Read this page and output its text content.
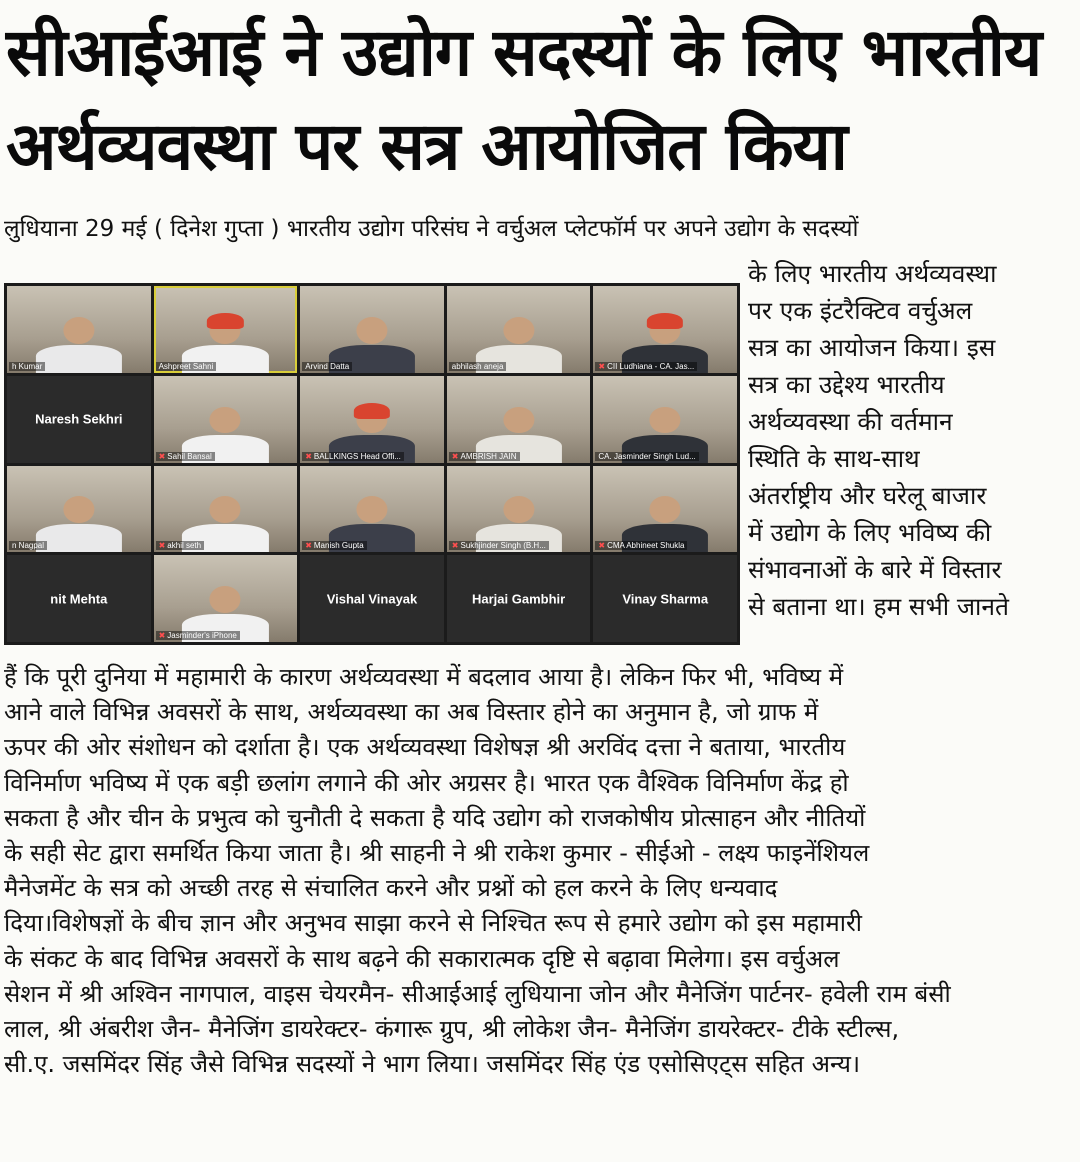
सीआईआई ने उद्योग सदस्यों के लिए भारतीय
अर्थव्यवस्था पर सत्र आयोजित किया
लुधियाना 29 मई ( दिनेश गुप्ता ) भारतीय उद्योग परिसंघ ने वर्चुअल प्लेटफॉर्म पर अपने उद्योग के सदस्यों
h Kumar	Ashpreet Sahni	Arvind Datta	abhilash aneja	✖ CII Ludhiana - CA. Jas...
Naresh Sekhri
✖ Sahil Bansal	✖ BALLKINGS Head Offi...	✖ AMBRISH JAIN	CA. Jasminder Singh Lud...
n Nagpal	✖ akhil seth	✖ Manish Gupta	✖ Sukhjinder Singh (B.H...	✖ CMA Abhineet Shukla
nit Mehta
✖ Jasminder's iPhone
Vishal Vinayak	Harjai Gambhir	Vinay Sharma
के लिए भारतीय अर्थव्यवस्था
पर एक इंटरैक्टिव वर्चुअल
सत्र का आयोजन किया। इस
सत्र का उद्देश्य भारतीय
अर्थव्यवस्था की वर्तमान
स्थिति के साथ-साथ
अंतर्राष्ट्रीय और घरेलू बाजार
में उद्योग के लिए भविष्य की
संभावनाओं के बारे में विस्तार
से बताना था। हम सभी जानते
हैं कि पूरी दुनिया में महामारी के कारण अर्थव्यवस्था में बदलाव आया है। लेकिन फिर भी, भविष्य में
आने वाले विभिन्न अवसरों के साथ, अर्थव्यवस्था का अब विस्तार होने का अनुमान है, जो ग्राफ में
ऊपर की ओर संशोधन को दर्शाता है। एक अर्थव्यवस्था विशेषज्ञ श्री अरविंद दत्ता ने बताया, भारतीय
विनिर्माण भविष्य में एक बड़ी छलांग लगाने की ओर अग्रसर है। भारत एक वैश्विक विनिर्माण केंद्र हो
सकता है और चीन के प्रभुत्व को चुनौती दे सकता है यदि उद्योग को राजकोषीय प्रोत्साहन और नीतियों
के सही सेट द्वारा समर्थित किया जाता है। श्री साहनी ने श्री राकेश कुमार - सीईओ - लक्ष्य फाइनेंशियल
मैनेजमेंट के सत्र को अच्छी तरह से संचालित करने और प्रश्नों को हल करने के लिए धन्यवाद
दिया।विशेषज्ञों के बीच ज्ञान और अनुभव साझा करने से निश्चित रूप से हमारे उद्योग को इस महामारी
के संकट के बाद विभिन्न अवसरों के साथ बढ़ने की सकारात्मक दृष्टि से बढ़ावा मिलेगा। इस वर्चुअल
सेशन में श्री अश्विन नागपाल, वाइस चेयरमैन- सीआईआई लुधियाना जोन और मैनेजिंग पार्टनर- हवेली राम बंसी
लाल, श्री अंबरीश जैन- मैनेजिंग डायरेक्टर- कंगारू ग्रुप, श्री लोकेश जैन- मैनेजिंग डायरेक्टर- टीके स्टील्स,
सी.ए. जसमिंदर सिंह जैसे विभिन्न सदस्यों ने भाग लिया। जसमिंदर सिंह एंड एसोसिएट्स सहित अन्य।
